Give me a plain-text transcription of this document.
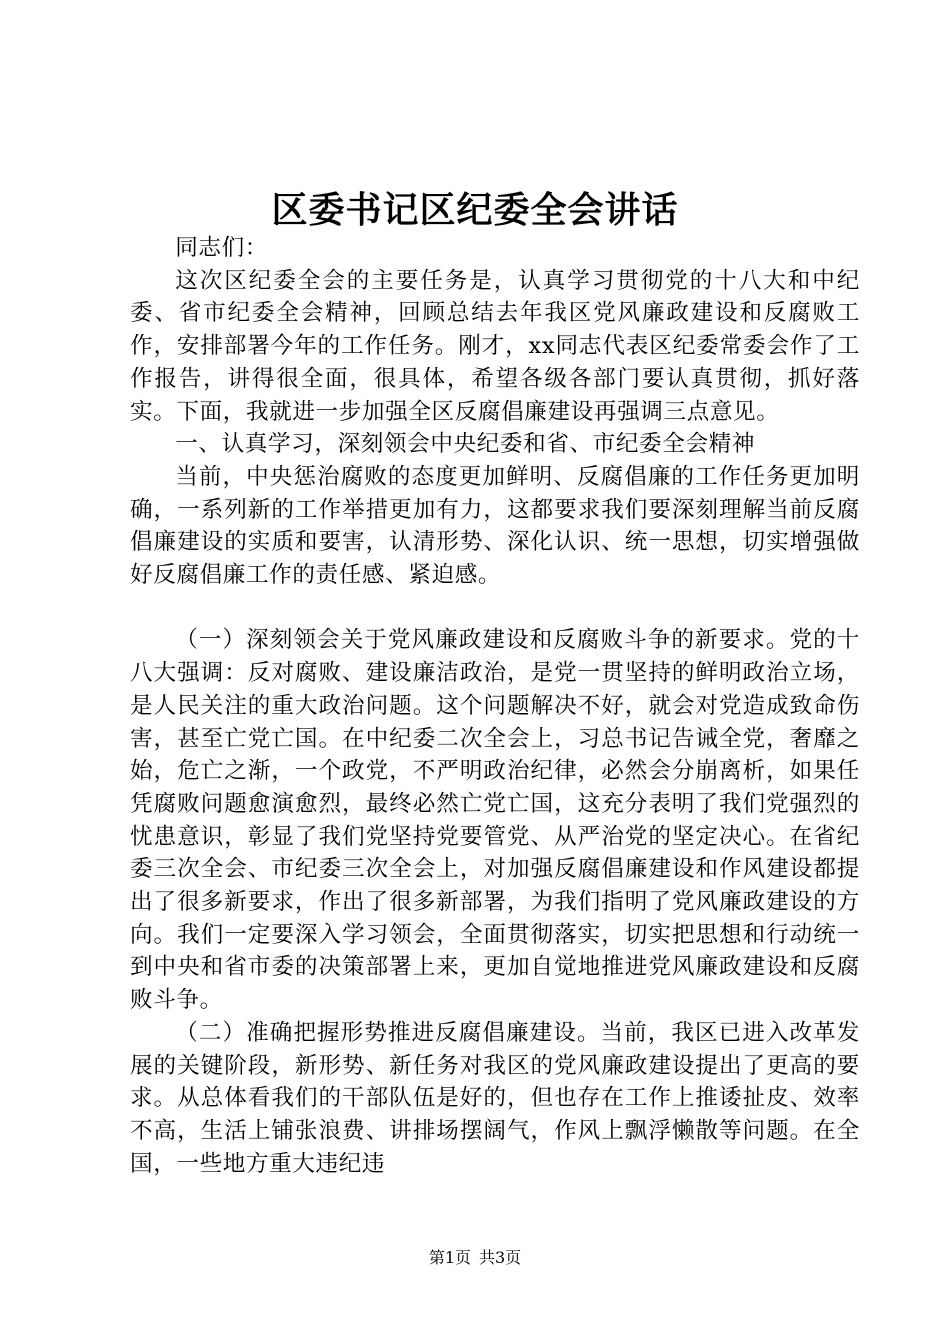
区委书记区纪委全会讲话

同志们：

这次区纪委全会的主要任务是，认真学习贯彻党的十八大和中纪委、省市纪委全会精神，回顾总结去年我区党风廉政建设和反腐败工作，安排部署今年的工作任务。刚才，xx同志代表区纪委常委会作了工作报告，讲得很全面，很具体，希望各级各部门要认真贯彻，抓好落实。下面，我就进一步加强全区反腐倡廉建设再强调三点意见。

一、认真学习，深刻领会中央纪委和省、市纪委全会精神

当前，中央惩治腐败的态度更加鲜明、反腐倡廉的工作任务更加明确，一系列新的工作举措更加有力，这都要求我们要深刻理解当前反腐倡廉建设的实质和要害，认清形势、深化认识、统一思想，切实增强做好反腐倡廉工作的责任感、紧迫感。

（一）深刻领会关于党风廉政建设和反腐败斗争的新要求。党的十八大强调：反对腐败、建设廉洁政治，是党一贯坚持的鲜明政治立场，是人民关注的重大政治问题。这个问题解决不好，就会对党造成致命伤害，甚至亡党亡国。在中纪委二次全会上，习总书记告诫全党，奢靡之始，危亡之渐，一个政党，不严明政治纪律，必然会分崩离析，如果任凭腐败问题愈演愈烈，最终必然亡党亡国，这充分表明了我们党强烈的忧患意识，彰显了我们党坚持党要管党、从严治党的坚定决心。在省纪委三次全会、市纪委三次全会上，对加强反腐倡廉建设和作风建设都提出了很多新要求，作出了很多新部署，为我们指明了党风廉政建设的方向。我们一定要深入学习领会，全面贯彻落实，切实把思想和行动统一到中央和省市委的决策部署上来，更加自觉地推进党风廉政建设和反腐败斗争。

（二）准确把握形势推进反腐倡廉建设。当前，我区已进入改革发展的关键阶段，新形势、新任务对我区的党风廉政建设提出了更高的要求。从总体看我们的干部队伍是好的，但也存在工作上推诿扯皮、效率不高，生活上铺张浪费、讲排场摆阔气，作风上飘浮懒散等问题。在全国，一些地方重大违纪违

第1页 共3页
